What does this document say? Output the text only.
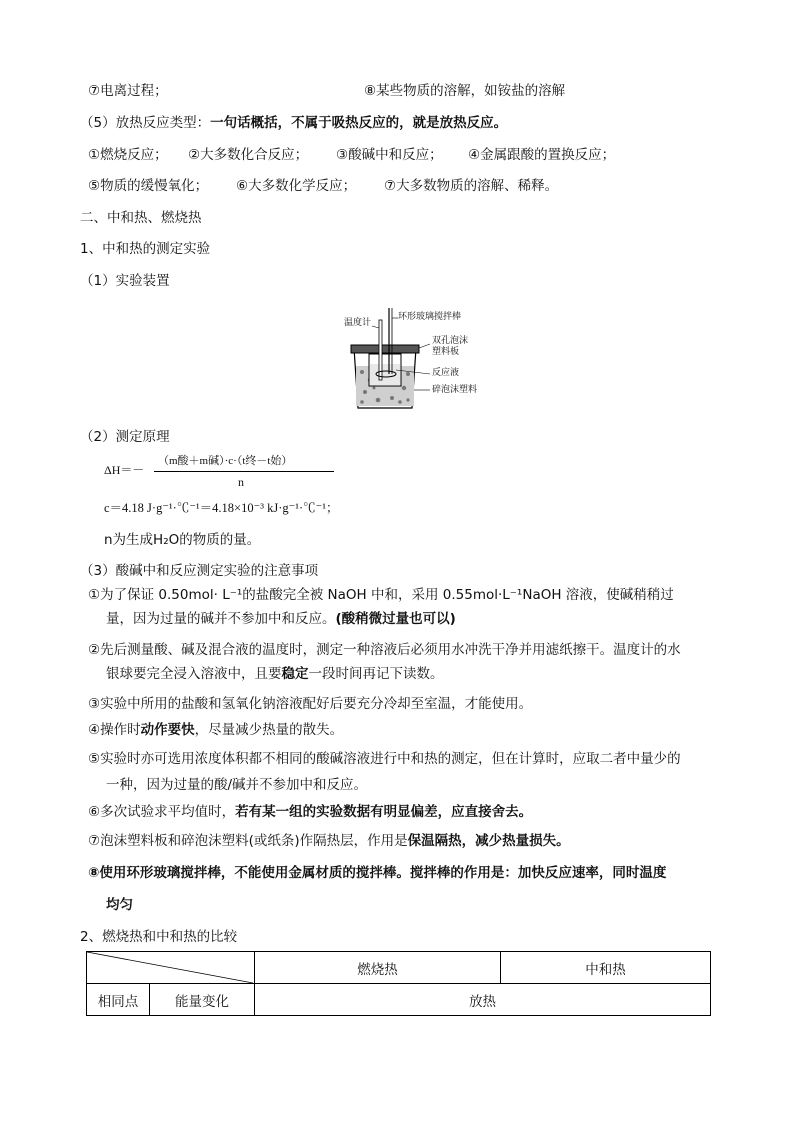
⑦电离过程；	⑧某些物质的溶解，如铵盐的溶解
（5）放热反应类型：一句话概括，不属于吸热反应的，就是放热反应。
①燃烧反应； ②大多数化合反应； ③酸碱中和反应； ④金属跟酸的置换反应；
⑤物质的缓慢氧化； ⑥大多数化学反应； ⑦大多数物质的溶解、稀释。
二、中和热、燃烧热
1、中和热的测定实验
（1）实验装置
温度计
环形玻璃搅拌棒
双孔泡沫
塑料板
反应液
碎泡沫塑料
（2）测定原理
ΔH＝－
（m酸＋m碱）·c·（t终－t始）
n
c＝4.18 J·g⁻¹·℃⁻¹＝4.18×10⁻³ kJ·g⁻¹·℃⁻¹；
n为生成H₂O的物质的量。
（3）酸碱中和反应测定实验的注意事项
①为了保证 0.50mol· L⁻¹的盐酸完全被 NaOH 中和，采用 0.55mol·L⁻¹NaOH 溶液，使碱稍稍过
量，因为过量的碱并不参加中和反应。(酸稍微过量也可以)
②先后测量酸、碱及混合液的温度时，测定一种溶液后必须用水冲洗干净并用滤纸擦干。温度计的水
银球要完全浸入溶液中，且要稳定一段时间再记下读数。
③实验中所用的盐酸和氢氧化钠溶液配好后要充分冷却至室温，才能使用。
④操作时动作要快，尽量减少热量的散失。
⑤实验时亦可选用浓度体积都不相同的酸碱溶液进行中和热的测定，但在计算时，应取二者中量少的
一种，因为过量的酸/碱并不参加中和反应。
⑥多次试验求平均值时，若有某一组的实验数据有明显偏差，应直接舍去。
⑦泡沫塑料板和碎泡沫塑料(或纸条)作隔热层，作用是保温隔热，减少热量损失。
⑧使用环形玻璃搅拌棒，不能使用金属材质的搅拌棒。搅拌棒的作用是：加快反应速率，同时温度
均匀
2、燃烧热和中和热的比较
	燃烧热	中和热
相同点	能量变化	放热	
